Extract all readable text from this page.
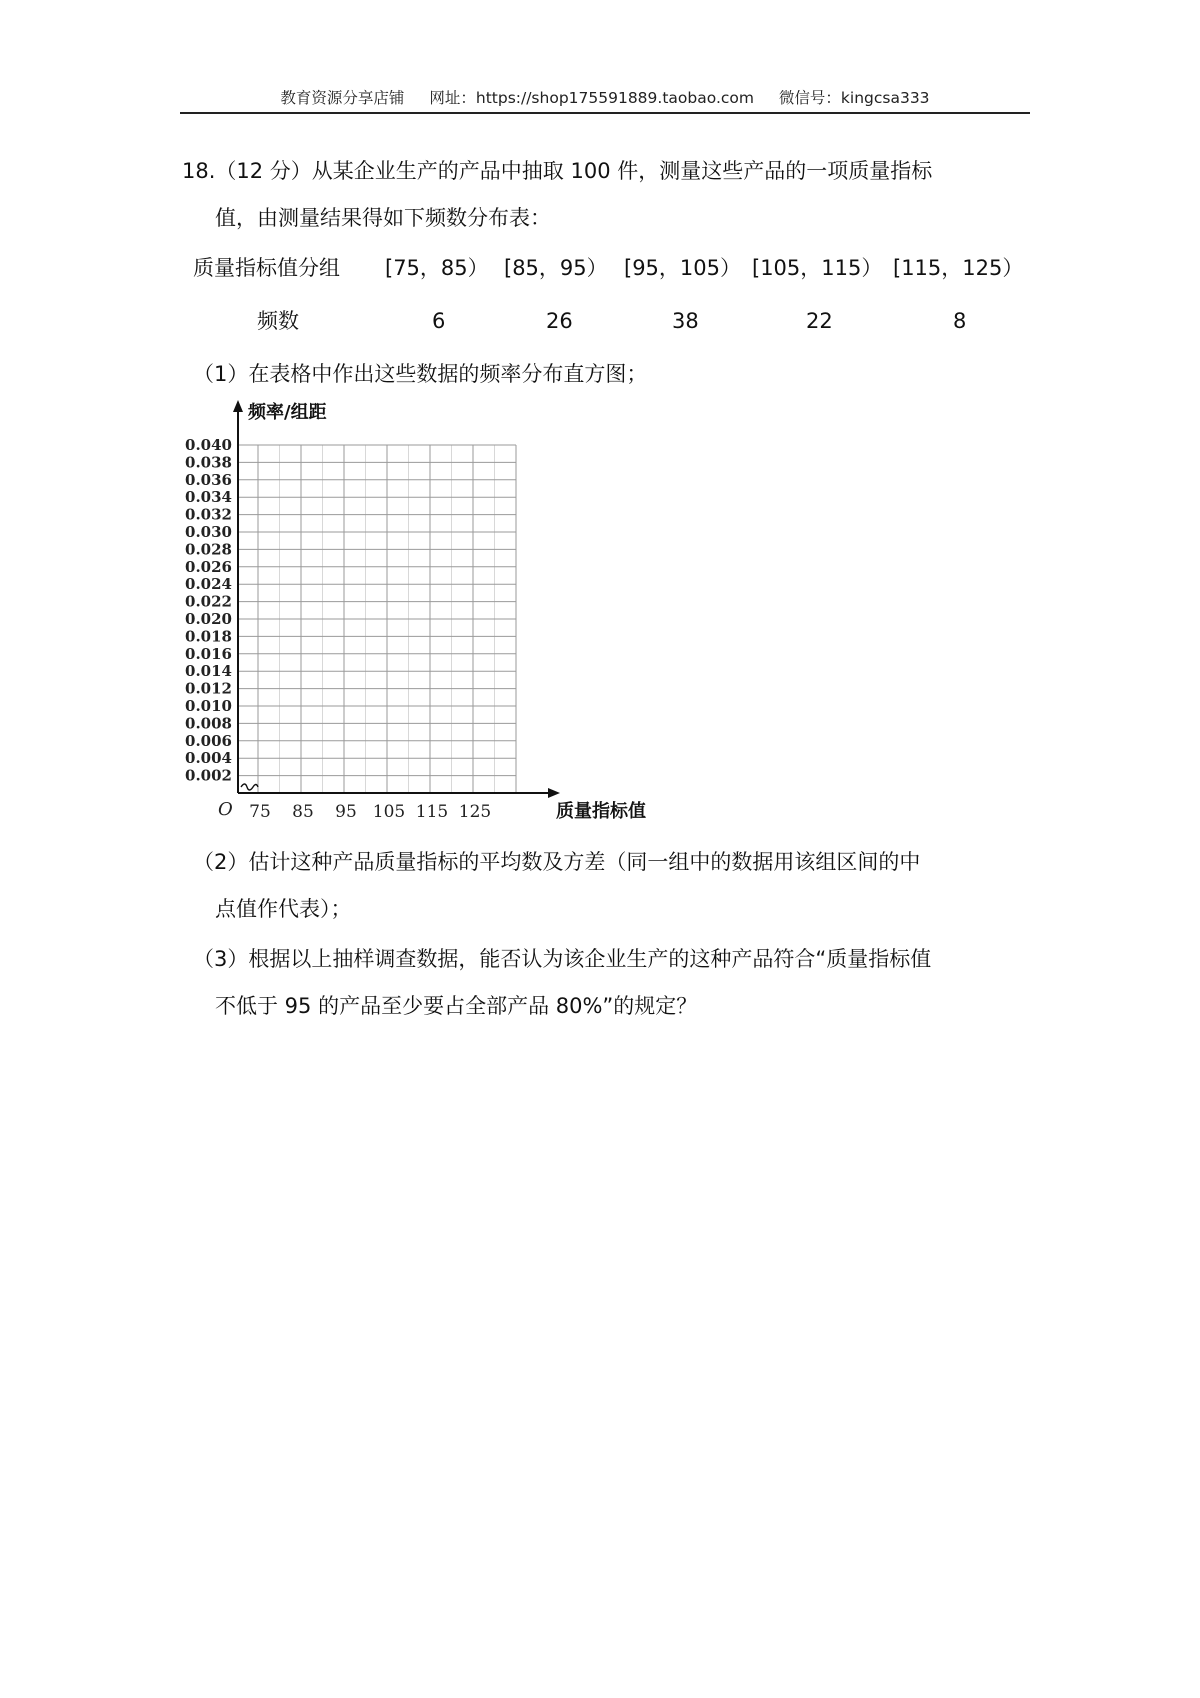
教育资源分享店铺 网址：https://shop175591889.taobao.com 微信号：kingcsa333
18.（12 分）从某企业生产的产品中抽取 100 件，测量这些产品的一项质量指标
值，由测量结果得如下频数分布表：
质量指标值分组 [75，85） [85，95） [95，105） [105，115） [115，125）
频数	6	26	38	22	8
（1）在表格中作出这些数据的频率分布直方图；
0.002
0.004
0.006
0.008
0.010
0.012
0.014
0.016
0.018
0.020
0.022
0.024
0.026
0.028
0.030
0.032
0.034
0.036
0.038
0.040
75 85 95 105 115 125
O
频率/组距
质量指标值
（2）估计这种产品质量指标的平均数及方差（同一组中的数据用该组区间的中
点值作代表）；
（3）根据以上抽样调查数据，能否认为该企业生产的这种产品符合“质量指标值
不低于 95 的产品至少要占全部产品 80%”的规定？
